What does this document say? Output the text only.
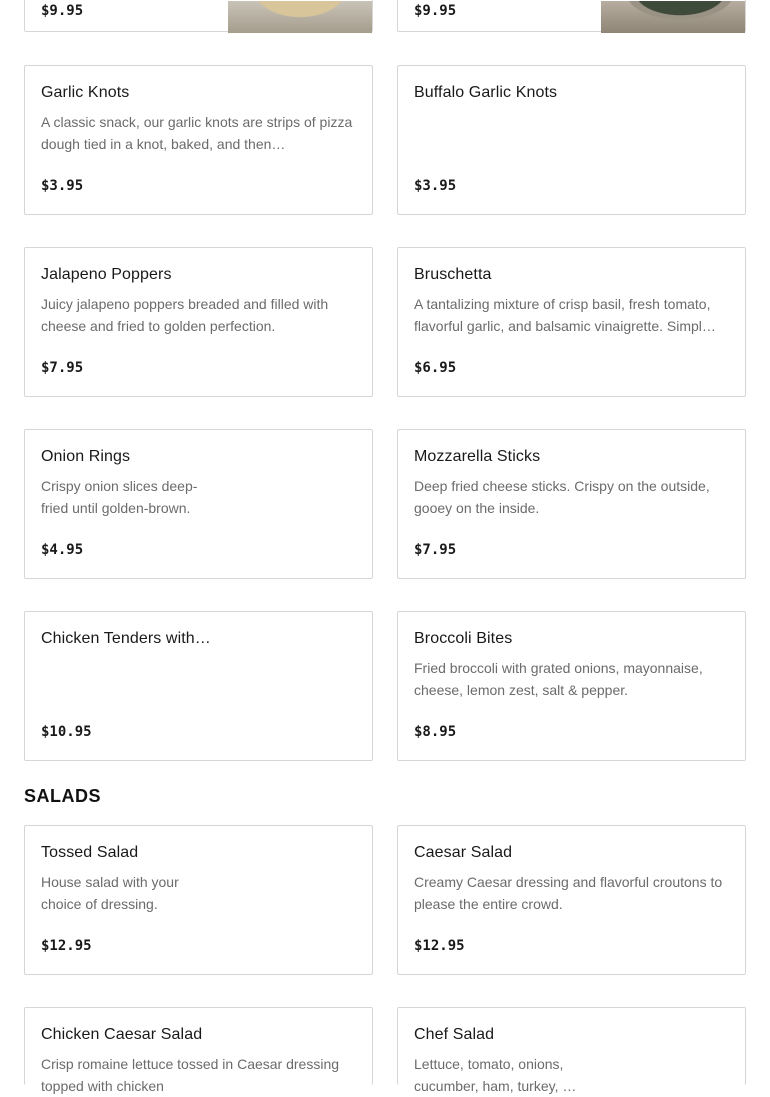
$9.95	$9.95
Garlic Knots
A classic snack, our garlic knots are strips of pizza dough tied in a knot, baked, and then…
$3.95
Buffalo Garlic Knots
$3.95
Jalapeno Poppers
Juicy jalapeno poppers breaded and filled with cheese and fried to golden perfection.
$7.95
Bruschetta
A tantalizing mixture of crisp basil, fresh tomato, flavorful garlic, and balsamic vinaigrette. Simpl…
$6.95
Onion Rings
Crispy onion slices deep-fried until golden-brown.
$4.95
Mozzarella Sticks
Deep fried cheese sticks. Crispy on the outside, gooey on the inside.
$7.95
Chicken Tenders with…
$10.95
Broccoli Bites
Fried broccoli with grated onions, mayonnaise, cheese, lemon zest, salt & pepper.
$8.95
SALADS
Tossed Salad
House salad with your choice of dressing.
$12.95
Caesar Salad
Creamy Caesar dressing and flavorful croutons to please the entire crowd.
$12.95
Chicken Caesar Salad
Crisp romaine lettuce tossed in Caesar dressing topped with chicken
Chef Salad
Lettuce, tomato, onions, cucumber, ham, turkey, …
